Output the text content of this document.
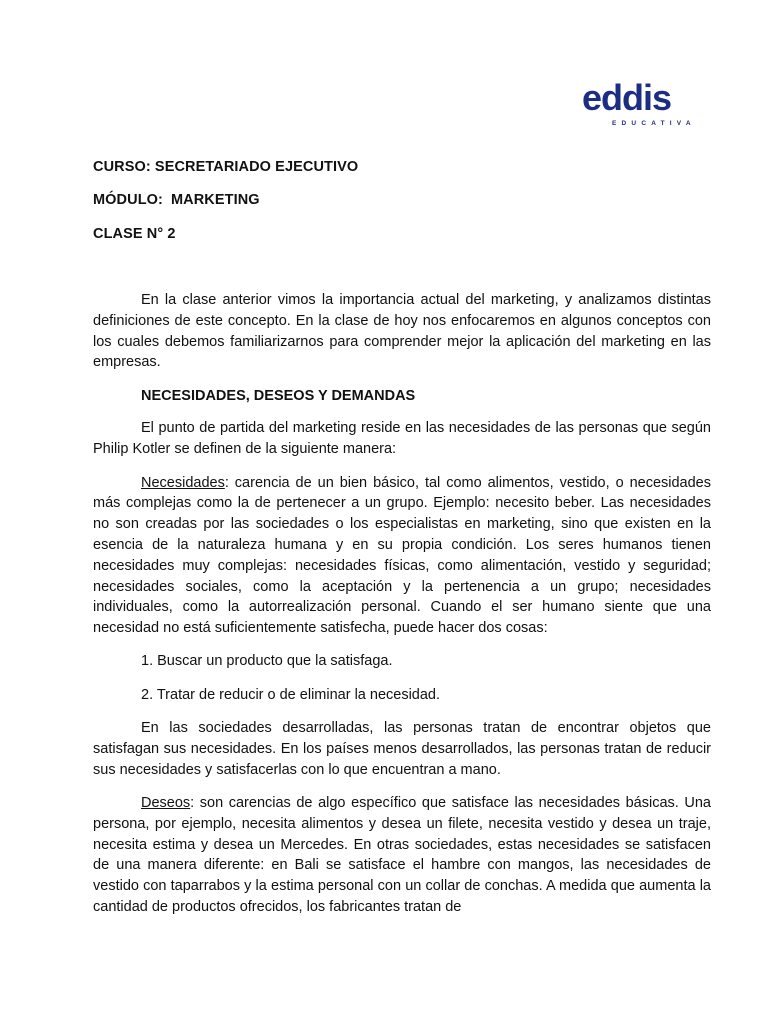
eddis
EDUCATIVA

CURSO: SECRETARIADO EJECUTIVO

MÓDULO: MARKETING

CLASE N° 2

En la clase anterior vimos la importancia actual del marketing, y analizamos distintas definiciones de este concepto. En la clase de hoy nos enfocaremos en algunos conceptos con los cuales debemos familiarizarnos para comprender mejor la aplicación del marketing en las empresas.

NECESIDADES, DESEOS Y DEMANDAS

El punto de partida del marketing reside en las necesidades de las personas que según Philip Kotler se definen de la siguiente manera:

Necesidades: carencia de un bien básico, tal como alimentos, vestido, o necesidades más complejas como la de pertenecer a un grupo. Ejemplo: necesito beber. Las necesidades no son creadas por las sociedades o los especialistas en marketing, sino que existen en la esencia de la naturaleza humana y en su propia condición. Los seres humanos tienen necesidades muy complejas: necesidades físicas, como alimentación, vestido y seguridad; necesidades sociales, como la aceptación y la pertenencia a un grupo; necesidades individuales, como la autorrealización personal. Cuando el ser humano siente que una necesidad no está suficientemente satisfecha, puede hacer dos cosas:

1. Buscar un producto que la satisfaga.

2. Tratar de reducir o de eliminar la necesidad.

En las sociedades desarrolladas, las personas tratan de encontrar objetos que satisfagan sus necesidades. En los países menos desarrollados, las personas tratan de reducir sus necesidades y satisfacerlas con lo que encuentran a mano.

Deseos: son carencias de algo específico que satisface las necesidades básicas. Una persona, por ejemplo, necesita alimentos y desea un filete, necesita vestido y desea un traje, necesita estima y desea un Mercedes. En otras sociedades, estas necesidades se satisfacen de una manera diferente: en Bali se satisface el hambre con mangos, las necesidades de vestido con taparrabos y la estima personal con un collar de conchas. A medida que aumenta la cantidad de productos ofrecidos, los fabricantes tratan de
